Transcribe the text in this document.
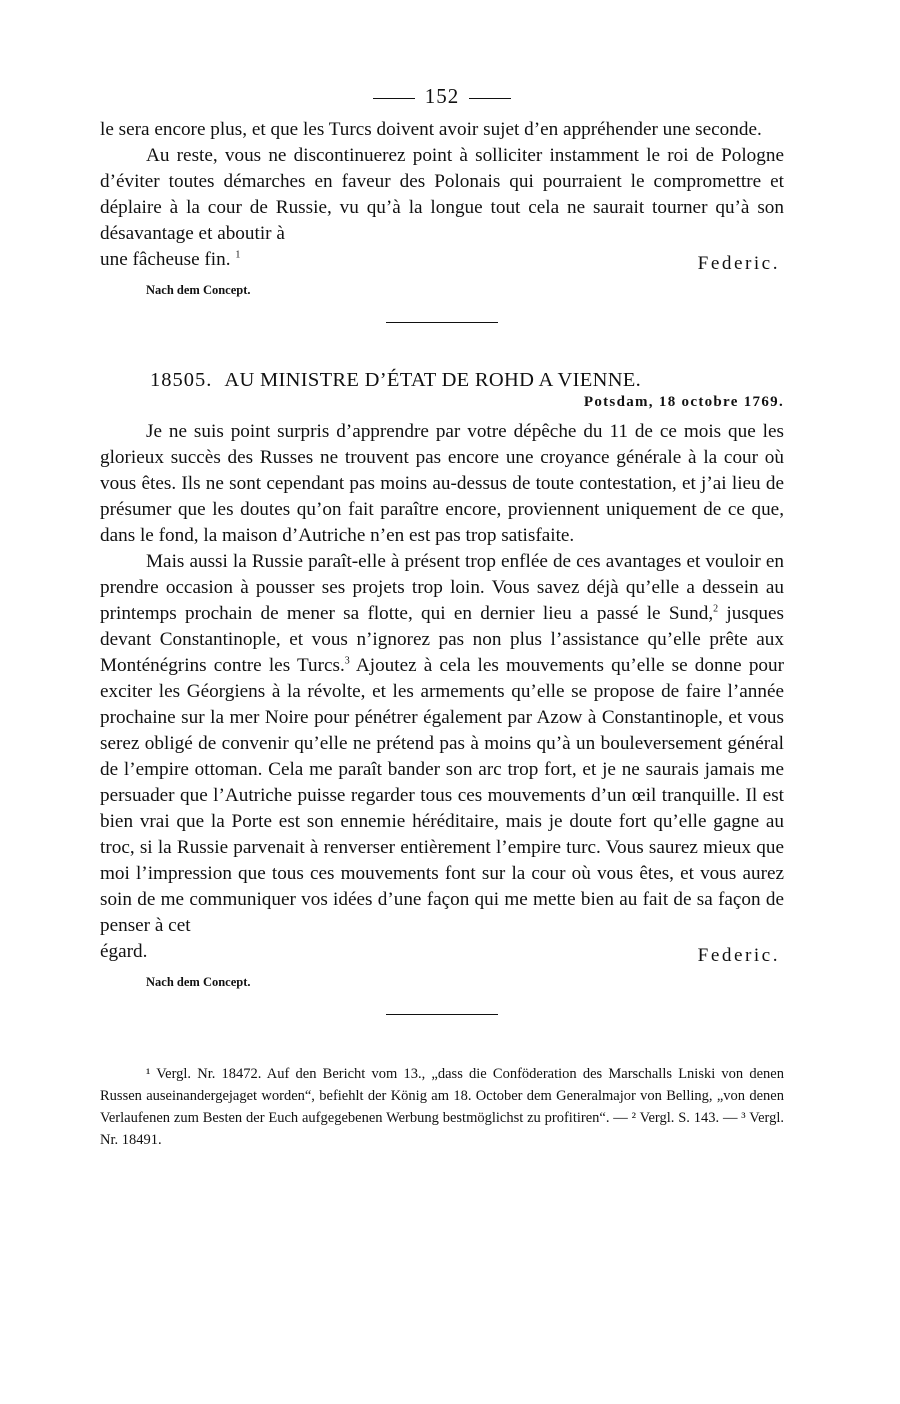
152

le sera encore plus, et que les Turcs doivent avoir sujet d’en appréhender une seconde.

Au reste, vous ne discontinuerez point à solliciter instamment le roi de Pologne d’éviter toutes démarches en faveur des Polonais qui pourraient le compromettre et déplaire à la cour de Russie, vu qu’à la longue tout cela ne saurait tourner qu’à son désavantage et aboutir à

une fâcheuse fin. $^1$	Federic.
Nach dem Concept.
18505. AU MINISTRE D’ÉTAT DE ROHD A VIENNE.
Potsdam, 18 octobre 1769.

Je ne suis point surpris d’apprendre par votre dépêche du 11 de ce mois que les glorieux succès des Russes ne trouvent pas encore une croyance générale à la cour où vous êtes. Ils ne sont cependant pas moins au-dessus de toute contestation, et j’ai lieu de présumer que les doutes qu’on fait paraître encore, proviennent uniquement de ce que, dans le fond, la maison d’Autriche n’en est pas trop satisfaite.

Mais aussi la Russie paraît-elle à présent trop enflée de ces avantages et vouloir en prendre occasion à pousser ses projets trop loin. Vous savez déjà qu’elle a dessein au printemps prochain de mener sa flotte, qui en dernier lieu a passé le Sund,$^2$ jusques devant Constantinople, et vous n’ignorez pas non plus l’assistance qu’elle prête aux Monténégrins contre les Turcs.$^3$ Ajoutez à cela les mouvements qu’elle se donne pour exciter les Géorgiens à la révolte, et les armements qu’elle se propose de faire l’année prochaine sur la mer Noire pour pénétrer également par Azow à Constantinople, et vous serez obligé de convenir qu’elle ne prétend pas à moins qu’à un bouleversement général de l’empire ottoman. Cela me paraît bander son arc trop fort, et je ne saurais jamais me persuader que l’Autriche puisse regarder tous ces mouvements d’un œil tranquille. Il est bien vrai que la Porte est son ennemie héréditaire, mais je doute fort qu’elle gagne au troc, si la Russie parvenait à renverser entièrement l’empire turc. Vous saurez mieux que moi l’impression que tous ces mouvements font sur la cour où vous êtes, et vous aurez soin de me communiquer vos idées d’une façon qui me mette bien au fait de sa façon de penser à cet

égard.	Federic.
Nach dem Concept.

¹ Vergl. Nr. 18472. Auf den Bericht vom 13., „dass die Conföderation des Marschalls Lniski von denen Russen auseinandergejaget worden“, befiehlt der König am 18. October dem Generalmajor von Belling, „von denen Verlaufenen zum Besten der Euch aufgegebenen Werbung bestmöglichst zu profitiren“. — ² Vergl. S. 143. — ³ Vergl. Nr. 18491.
